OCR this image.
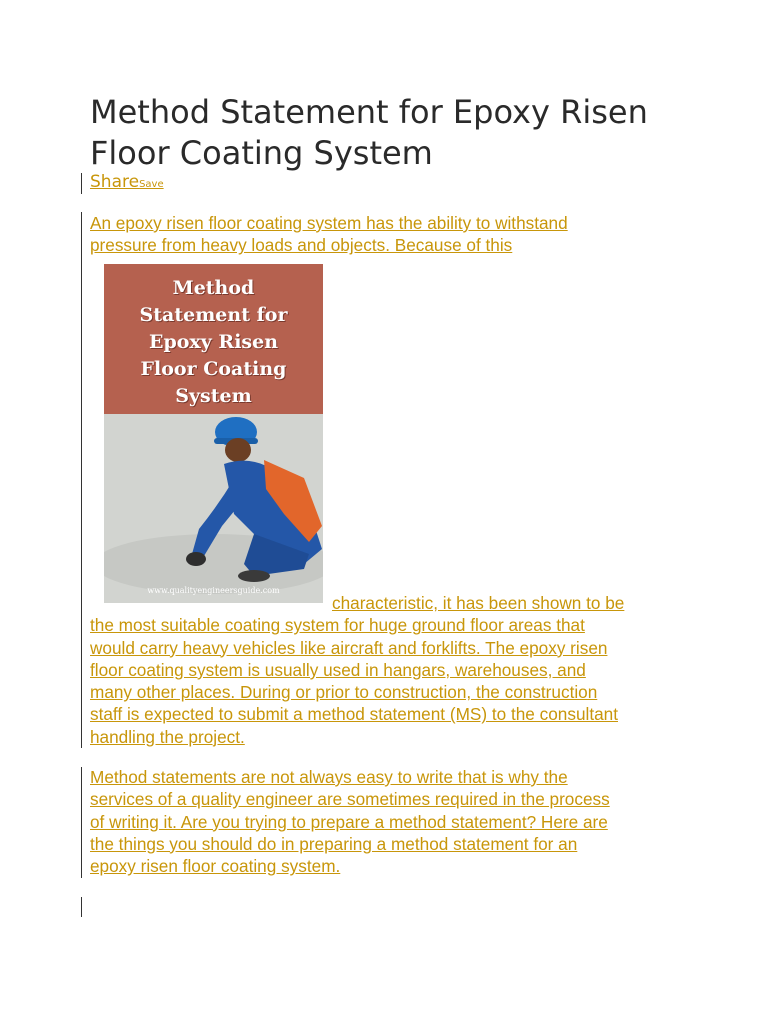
Method Statement for Epoxy Risen Floor Coating System
ShareSave
An epoxy risen floor coating system has the ability to withstand
pressure from heavy loads and objects. Because of this
Method
Statement for
Epoxy Risen
Floor Coating
System
www.qualityengineersguide.com
characteristic, it has been shown to be
the most suitable coating system for huge ground floor areas that
would carry heavy vehicles like aircraft and forklifts. The epoxy risen
floor coating system is usually used in hangars, warehouses, and
many other places. During or prior to construction, the construction
staff is expected to submit a method statement (MS) to the consultant
handling the project.
Method statements are not always easy to write that is why the
services of a quality engineer are sometimes required in the process
of writing it. Are you trying to prepare a method statement? Here are
the things you should do in preparing a method statement for an
epoxy risen floor coating system.
